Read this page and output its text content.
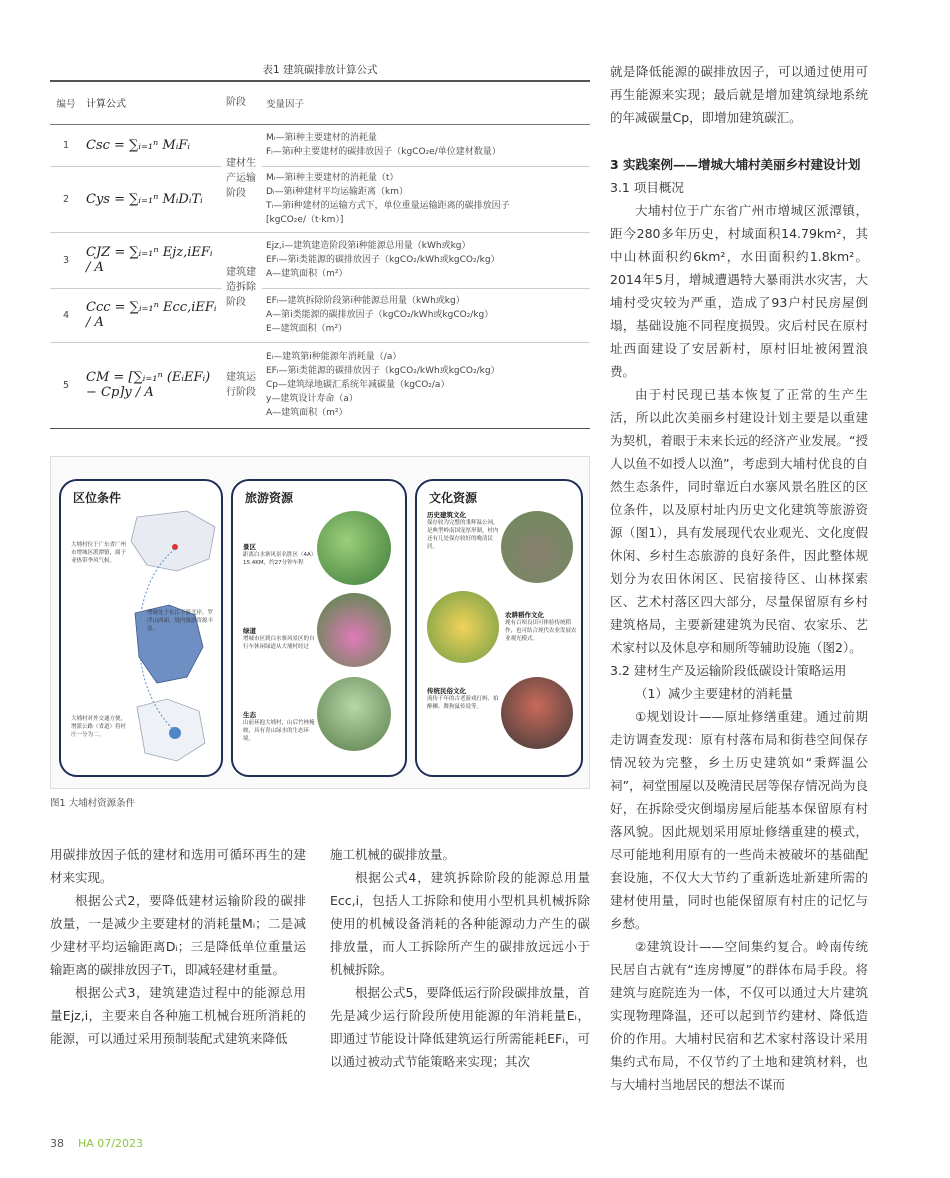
表1 建筑碳排放计算公式
编号	计算公式	阶段	变量因子
1	Csc = ∑ᵢ₌₁ⁿ MᵢFᵢ	建材生产运输阶段	Mᵢ—第i种主要建材的消耗量
Fᵢ—第i种主要建材的碳排放因子（kgCO₂e/单位建材数量）

2	Cys = ∑ᵢ₌₁ⁿ MᵢDᵢTᵢ		Mᵢ—第i种主要建材的消耗量（t）
Dᵢ—第i种建材平均运输距离（km）
Tᵢ—第i种建材的运输方式下，单位重量运输距离的碳排放因子
[kgCO₂e/（t·km）]

3	CJZ = ∑ᵢ₌₁ⁿ Ejz,iEFᵢ / A	建筑建造拆除阶段	Ejz,i—建筑建造阶段第i种能源总用量（kWh或kg）
EFᵢ—第i类能源的碳排放因子（kgCO₂/kWh或kgCO₂/kg）
A—建筑面积（m²）

4	Ccc = ∑ᵢ₌₁ⁿ Ecc,iEFᵢ / A		EFᵢ—建筑拆除阶段第i种能源总用量（kWh或kg）
A—第i类能源的碳排放因子（kgCO₂/kWh或kgCO₂/kg）
E—建筑面积（m²）

5	CM = [∑ᵢ₌₁ⁿ (EᵢEFᵢ) − Cp]y / A	建筑运行阶段	Eᵢ—建筑第i种能源年消耗量（/a）
EFᵢ—第i类能源的碳排放因子（kgCO₂/kWh或kgCO₂/kg）
Cp—建筑绿地碳汇系统年减碳量（kgCO₂/a）
y—建筑设计寿命（a）
A—建筑面积（m²）
区位条件
大埔村位于广东省广州市增城区派潭镇，属于亚热带季风气候。
增城处于东江下游北岸，罗浮山西面，境内旅游资源丰富。
大埔村对外交通方便，增派公路（省道）将村庄一分为二。
旅游资源
景区
距离白水寨风景名胜区（4A）15.4KM，约27分钟车程
绿道
增城市区到白水寨风景区的自行车休闲绿道从大埔村经过
生态
山前环抱大埔村，山后竹林掩映，具有青山绿水的生态环境。
文化资源
历史建筑文化
保存较为完整的秉辉温公祠，是典型岭南国宠厚形制，村内还有几处保存较好的晚清民居。
农耕稻作文化
现有百顷良田可体验传统稻作，也可结合现代农业发展农业观光模式。
传统民俗文化
流传千年的古老游戏打蚂、拍醉狮、舞狗鼠传说等。
图1 大埔村资源条件

用碳排放因子低的建材和选用可循环再生的建材来实现。

根据公式2，要降低建材运输阶段的碳排放量，一是减少主要建材的消耗量Mᵢ；二是减少建材平均运输距离Dᵢ；三是降低单位重量运输距离的碳排放因子Tᵢ，即减轻建材重量。

根据公式3，建筑建造过程中的能源总用量Ejz,i，主要来自各种施工机械台班所消耗的能源，可以通过采用预制装配式建筑来降低

施工机械的碳排放量。

根据公式4，建筑拆除阶段的能源总用量Ecc,i，包括人工拆除和使用小型机具机械拆除使用的机械设备消耗的各种能源动力产生的碳排放量，而人工拆除所产生的碳排放远远小于机械拆除。

根据公式5，要降低运行阶段碳排放量，首先是减少运行阶段所使用能源的年消耗量Eᵢ，即通过节能设计降低建筑运行所需能耗EFᵢ，可以通过被动式节能策略来实现；其次

就是降低能源的碳排放因子，可以通过使用可再生能源来实现；最后就是增加建筑绿地系统的年减碳量Cp，即增加建筑碳汇。

3 实践案例——增城大埔村美丽乡村建设计划

3.1 项目概况

大埔村位于广东省广州市增城区派潭镇，距今280多年历史，村域面积14.79km²，其中山林面积约6km²，水田面积约1.8km²。2014年5月，增城遭遇特大暴雨洪水灾害，大埔村受灾较为严重，造成了93户村民房屋倒塌，基础设施不同程度损毁。灾后村民在原村址西面建设了安居新村，原村旧址被闲置浪费。

由于村民现已基本恢复了正常的生产生活，所以此次美丽乡村建设计划主要是以重建为契机，着眼于未来长远的经济产业发展。“授人以鱼不如授人以渔”，考虑到大埔村优良的自然生态条件，同时靠近白水寨风景名胜区的区位条件，以及原村址内历史文化建筑等旅游资源（图1），具有发展现代农业观光、文化度假休闲、乡村生态旅游的良好条件，因此整体规划分为农田休闲区、民宿接待区、山林探索区、艺术村落区四大部分，尽量保留原有乡村建筑格局，主要新建建筑为民宿、农家乐、艺术家村以及休息亭和厕所等辅助设施（图2）。

3.2 建材生产及运输阶段低碳设计策略运用

（1）减少主要建材的消耗量

①规划设计——原址修缮重建。通过前期走访调查发现：原有村落布局和街巷空间保存情况较为完整，乡土历史建筑如“秉辉温公祠”，祠堂围屋以及晚清民居等保存情况尚为良好，在拆除受灾倒塌房屋后能基本保留原有村落风貌。因此规划采用原址修缮重建的模式，尽可能地利用原有的一些尚未被破坏的基础配套设施，不仅大大节约了重新选址新建所需的建材使用量，同时也能保留原有村庄的记忆与乡愁。

②建筑设计——空间集约复合。岭南传统民居自古就有“连房博厦”的群体布局手段。将建筑与庭院连为一体，不仅可以通过大片建筑实现物理降温，还可以起到节约建材、降低造价的作用。大埔村民宿和艺术家村落设计采用集约式布局，不仅节约了土地和建筑材料，也与大埔村当地居民的想法不谋而

38 HA 07/2023
